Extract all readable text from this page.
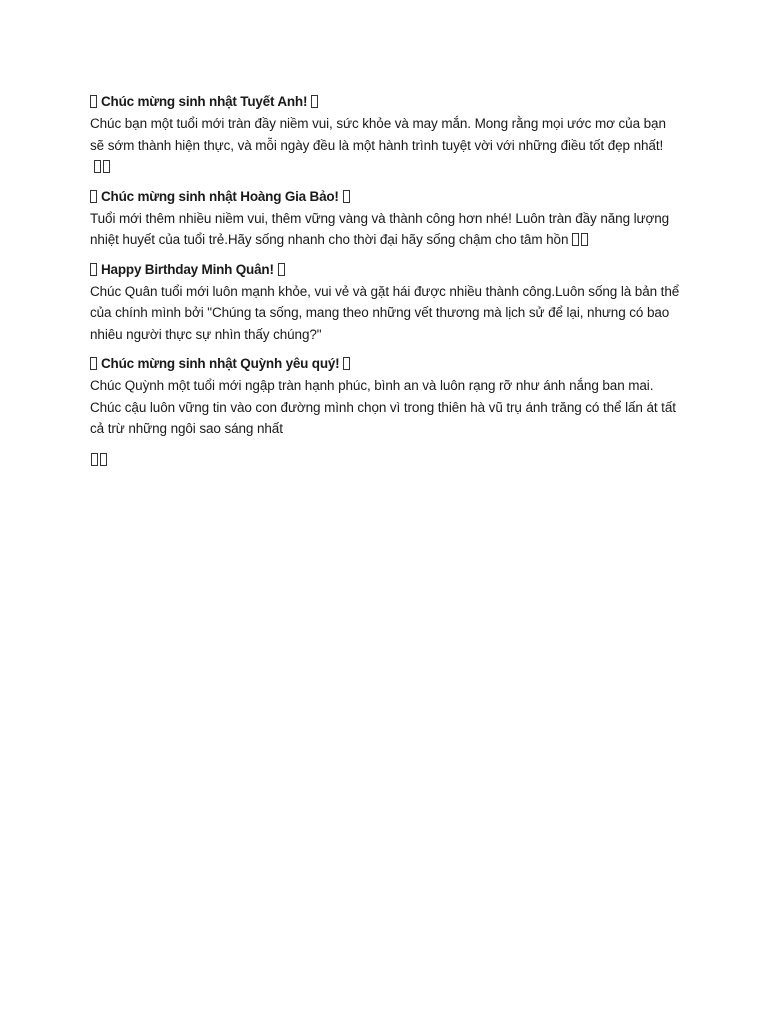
Chúc mừng sinh nhật Tuyết Anh!

Chúc bạn một tuổi mới tràn đầy niềm vui, sức khỏe và may mắn. Mong rằng mọi ước mơ của bạn sẽ sớm thành hiện thực, và mỗi ngày đều là một hành trình tuyệt vời với những điều tốt đẹp nhất!

Chúc mừng sinh nhật Hoàng Gia Bảo!

Tuổi mới thêm nhiều niềm vui, thêm vững vàng và thành công hơn nhé! Luôn tràn đầy năng lượng nhiệt huyết của tuổi trẻ.Hãy sống nhanh cho thời đại hãy sống chậm cho tâm hồn

Happy Birthday Minh Quân!

Chúc Quân tuổi mới luôn mạnh khỏe, vui vẻ và gặt hái được nhiều thành công.Luôn sống là bản thể của chính mình bởi "Chúng ta sống, mang theo những vết thương mà lịch sử để lại, nhưng có bao nhiêu người thực sự nhìn thấy chúng?"

Chúc mừng sinh nhật Quỳnh yêu quý!

Chúc Quỳnh một tuổi mới ngập tràn hạnh phúc, bình an và luôn rạng rỡ như ánh nắng ban mai. Chúc cậu luôn vững tin vào con đường mình chọn vì trong thiên hà vũ trụ ánh trăng có thể lấn át tất cả trừ những ngôi sao sáng nhất
